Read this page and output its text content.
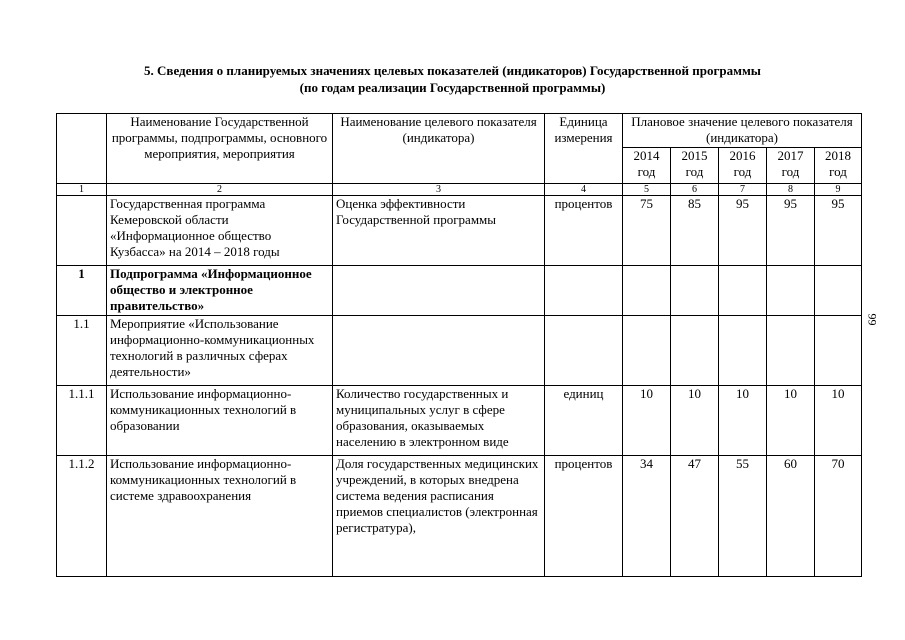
5. Сведения о планируемых значениях целевых показателей (индикаторов) Государственной программы
(по годам реализации Государственной программы)
99
	Наименование Государственной программы, подпрограммы, основного мероприятия, мероприятия	Наименование целевого показателя (индикатора)	Единица измерения	Плановое значение целевого показателя (индикатора)				
				2014 год	2015 год	2016 год	2017 год	2018 год
1	2	3	4	5	6	7	8	9
	Государственная программа Кемеровской области «Информационное общество Кузбасса» на 2014 – 2018 годы	Оценка эффективности Государственной программы	процентов	75	85	95	95	95
1	Подпрограмма «Информационное общество и электронное правительство»							
1.1	Мероприятие «Использование информационно-коммуникационных технологий в различных сферах деятельности»							
1.1.1	Использование информационно-коммуникационных технологий в образовании	Количество государственных и муниципальных услуг в сфере образования, оказываемых населению в электронном виде	единиц	10	10	10	10	10
1.1.2	Использование информационно-коммуникационных технологий в системе здравоохранения	Доля государственных медицинских учреждений, в которых внедрена система ведения расписания приемов специалистов (электронная регистратура),	процентов	34	47	55	60	70
